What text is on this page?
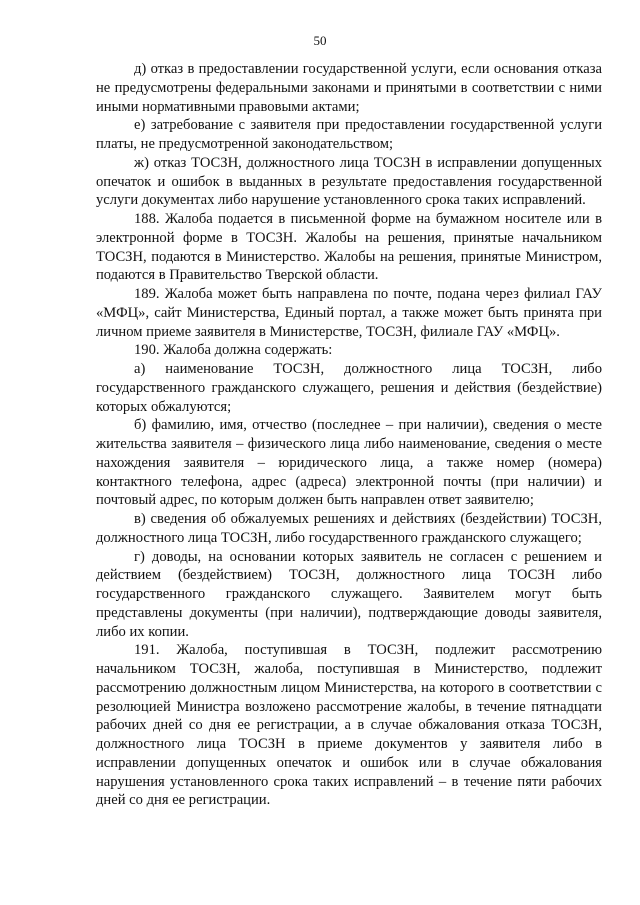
50

д) отказ в предоставлении государственной услуги, если основания отказа не предусмотрены федеральными законами и принятыми в соответствии с ними иными нормативными правовыми актами;

е) затребование с заявителя при предоставлении государственной услуги платы, не предусмотренной законодательством;

ж) отказ ТОСЗН, должностного лица ТОСЗН в исправлении допущенных опечаток и ошибок в выданных в результате предоставления государственной услуги документах либо нарушение установленного срока таких исправлений.

188. Жалоба подается в письменной форме на бумажном носителе или в электронной форме в ТОСЗН. Жалобы на решения, принятые начальником ТОСЗН, подаются в Министерство. Жалобы на решения, принятые Министром, подаются в Правительство Тверской области.

189. Жалоба может быть направлена по почте, подана через филиал ГАУ «МФЦ», сайт Министерства, Единый портал, а также может быть принята при личном приеме заявителя в Министерстве, ТОСЗН, филиале ГАУ «МФЦ».

190. Жалоба должна содержать:

а) наименование ТОСЗН, должностного лица ТОСЗН, либо государственного гражданского служащего, решения и действия (бездействие) которых обжалуются;

б) фамилию, имя, отчество (последнее – при наличии), сведения о месте жительства заявителя – физического лица либо наименование, сведения о месте нахождения заявителя – юридического лица, а также номер (номера) контактного телефона, адрес (адреса) электронной почты (при наличии) и почтовый адрес, по которым должен быть направлен ответ заявителю;

в) сведения об обжалуемых решениях и действиях (бездействии) ТОСЗН, должностного лица ТОСЗН, либо государственного гражданского служащего;

г) доводы, на основании которых заявитель не согласен с решением и действием (бездействием) ТОСЗН, должностного лица ТОСЗН либо государственного гражданского служащего. Заявителем могут быть представлены документы (при наличии), подтверждающие доводы заявителя, либо их копии.

191. Жалоба, поступившая в ТОСЗН, подлежит рассмотрению начальником ТОСЗН, жалоба, поступившая в Министерство, подлежит рассмотрению должностным лицом Министерства, на которого в соответствии с резолюцией Министра возложено рассмотрение жалобы, в течение пятнадцати рабочих дней со дня ее регистрации, а в случае обжалования отказа ТОСЗН, должностного лица ТОСЗН в приеме документов у заявителя либо в исправлении допущенных опечаток и ошибок или в случае обжалования нарушения установленного срока таких исправлений – в течение пяти рабочих дней со дня ее регистрации.
